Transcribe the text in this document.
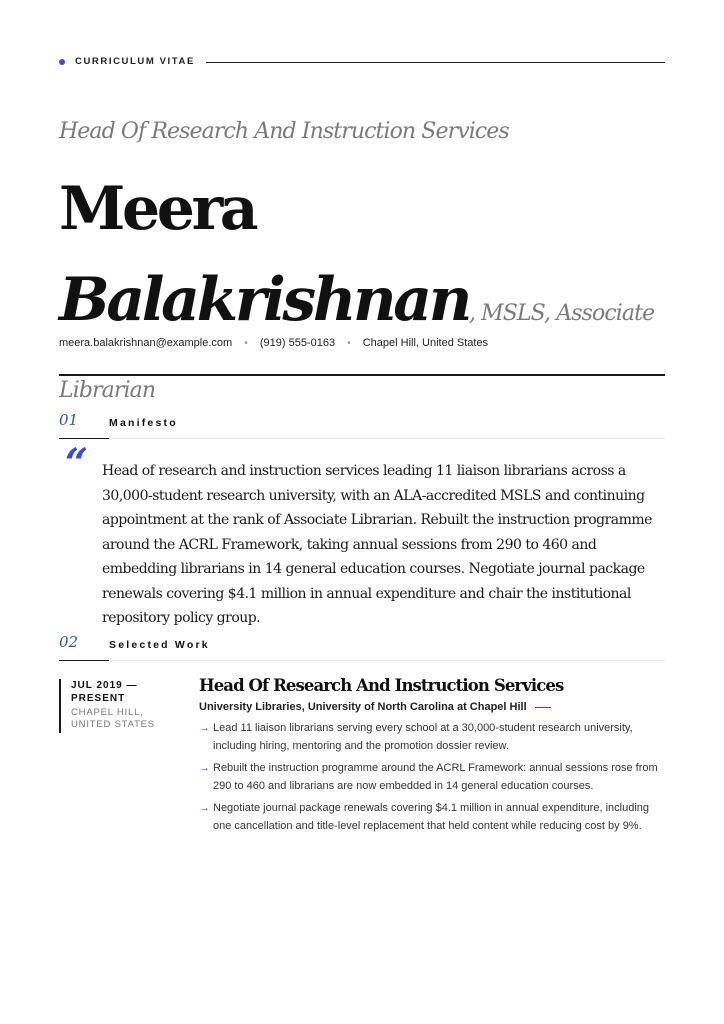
CURRICULUM VITAE
Head Of Research And Instruction Services Meera Balakrishnan, MSLS, Associate Librarian
meera.balakrishnan@example.com • (919) 555-0163 • Chapel Hill, United States
01	Manifesto
“ Head of research and instruction services leading 11 liaison librarians across a 30,000-student research university, with an ALA-accredited MSLS and continuing appointment at the rank of Associate Librarian. Rebuilt the instruction programme around the ACRL Framework, taking annual sessions from 290 to 460 and embedding librarians in 14 general education courses. Negotiate journal package renewals covering $4.1 million in annual expenditure and chair the institutional repository policy group.
02	Selected Work
JUL 2019 —
PRESENT
CHAPEL HILL,
UNITED STATES
Head Of Research And Instruction Services
University Libraries, University of North Carolina at Chapel Hill
→ Lead 11 liaison librarians serving every school at a 30,000-student research university, including hiring, mentoring and the promotion dossier review.
→ Rebuilt the instruction programme around the ACRL Framework: annual sessions rose from 290 to 460 and librarians are now embedded in 14 general education courses.
→ Negotiate journal package renewals covering $4.1 million in annual expenditure, including one cancellation and title-level replacement that held content while reducing cost by 9%.
